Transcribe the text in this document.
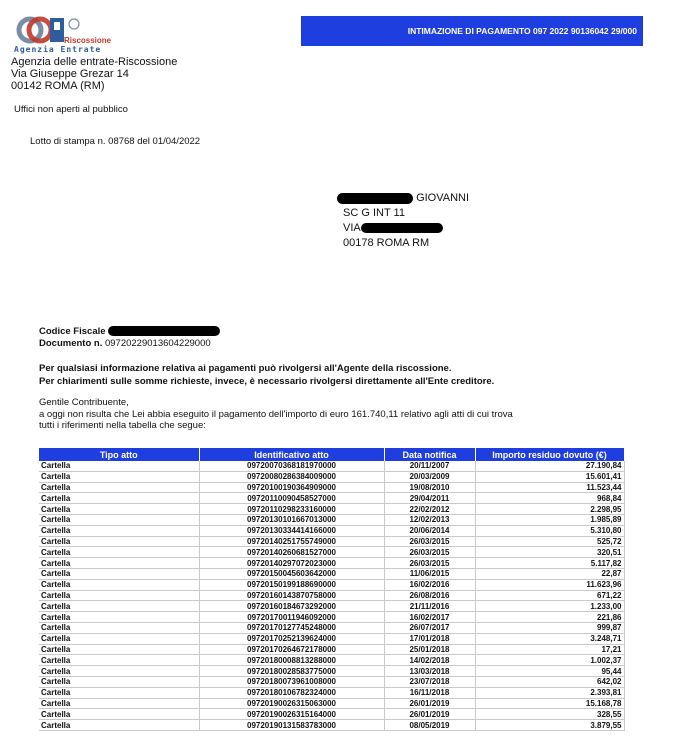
Riscossione
Agenzia Entrate
INTIMAZIONE DI PAGAMENTO 097 2022 90136042 29/000
Agenzia delle entrate-Riscossione
Via Giuseppe Grezar 14
00142 ROMA (RM)
Uffici non aperti al pubblico
Lotto di stampa n. 08768 del 01/04/2022
GIOVANNI
SC G INT 11
VIA
00178 ROMA RM
Codice Fiscale
Documento n. 09720229013604229000
Per qualsiasi informazione relativa ai pagamenti può rivolgersi all'Agente della riscossione.
Per chiarimenti sulle somme richieste, invece, è necessario rivolgersi direttamente all'Ente creditore.
Gentile Contribuente,
a oggi non risulta che Lei abbia eseguito il pagamento dell'importo di euro 161.740,11 relativo agli atti di cui trova
tutti i riferimenti nella tabella che segue:
Tipo atto	Identificativo atto	Data notifica	Importo residuo dovuto (€)
Cartella	09720070368181970000	20/11/2007	27.190,84
Cartella	09720080286384009000	20/03/2009	15.601,41
Cartella	09720100190364909000	19/08/2010	11.523,44
Cartella	09720110090458527000	29/04/2011	968,84
Cartella	09720110298233160000	22/02/2012	2.298,95
Cartella	09720130101667013000	12/02/2013	1.985,89
Cartella	09720130334414166000	20/06/2014	5.310,80
Cartella	09720140251755749000	26/03/2015	525,72
Cartella	09720140260681527000	26/03/2015	320,51
Cartella	09720140297072023000	26/03/2015	5.117,82
Cartella	09720150045603642000	11/06/2015	22,87
Cartella	09720150199188690000	16/02/2016	11.623,96
Cartella	09720160143870758000	26/08/2016	671,22
Cartella	09720160184673292000	21/11/2016	1.233,00
Cartella	09720170011946092000	16/02/2017	221,86
Cartella	09720170127745248000	26/07/2017	999,87
Cartella	09720170252139624000	17/01/2018	3.248,71
Cartella	09720170264672178000	25/01/2018	17,21
Cartella	09720180008813288000	14/02/2018	1.002,37
Cartella	09720180028583775000	13/03/2018	95,44
Cartella	09720180073961008000	23/07/2018	642,02
Cartella	09720180106782324000	16/11/2018	2.393,81
Cartella	09720190026315063000	26/01/2019	15.168,78
Cartella	09720190026315164000	26/01/2019	328,55
Cartella	09720190131583783000	08/05/2019	3.879,55
